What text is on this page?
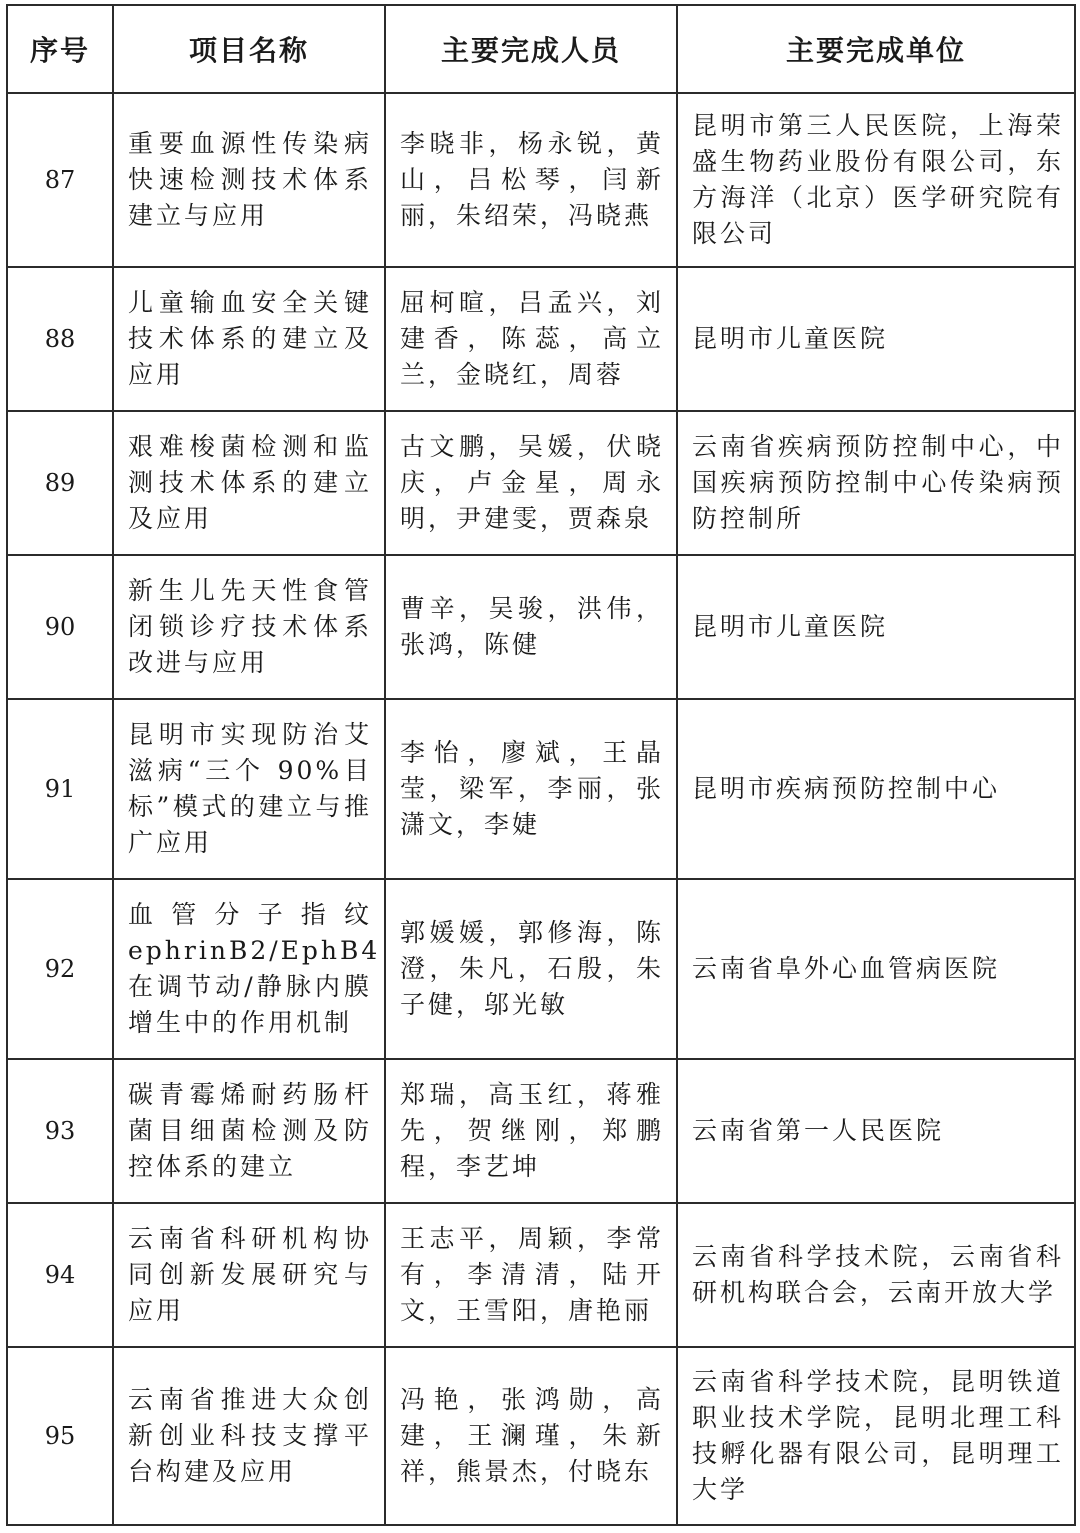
序号	项目名称	主要完成人员	主要完成单位
87	重要血源性传染病快速检测技术体系建立与应用	李晓非，杨永锐，黄山，吕松琴，闫新丽，朱绍荣，冯晓燕	昆明市第三人民医院，上海荣盛生物药业股份有限公司，东方海洋（北京）医学研究院有限公司
88	儿童输血安全关键技术体系的建立及应用	屈柯暄，吕孟兴，刘建香，陈蕊，高立兰，金晓红，周蓉	昆明市儿童医院
89	艰难梭菌检测和监测技术体系的建立及应用	古文鹏，吴媛，伏晓庆，卢金星，周永明，尹建雯，贾森泉	云南省疾病预防控制中心，中国疾病预防控制中心传染病预防控制所
90	新生儿先天性食管闭锁诊疗技术体系改进与应用	曹辛，吴骏，洪伟，张鸿，陈健	昆明市儿童医院
91	昆明市实现防治艾滋病“三个 90%目标”模式的建立与推广应用	李怡，廖斌，王晶莹，梁军，李丽，张潇文，李婕	昆明市疾病预防控制中心
92	血管分子指纹 ephrinB2/EphB4 在调节动/静脉内膜增生中的作用机制	郭媛媛，郭修海，陈澄，朱凡，石殷，朱子健，邬光敏	云南省阜外心血管病医院
93	碳青霉烯耐药肠杆菌目细菌检测及防控体系的建立	郑瑞，高玉红，蒋雅先，贺继刚，郑鹏程，李艺坤	云南省第一人民医院
94	云南省科研机构协同创新发展研究与应用	王志平，周颖，李常有，李清清，陆开文，王雪阳，唐艳丽	云南省科学技术院，云南省科研机构联合会，云南开放大学
95	云南省推进大众创新创业科技支撑平台构建及应用	冯艳，张鸿勋，高建，王澜瑾，朱新祥，熊景杰，付晓东	云南省科学技术院，昆明铁道职业技术学院，昆明北理工科技孵化器有限公司，昆明理工大学
